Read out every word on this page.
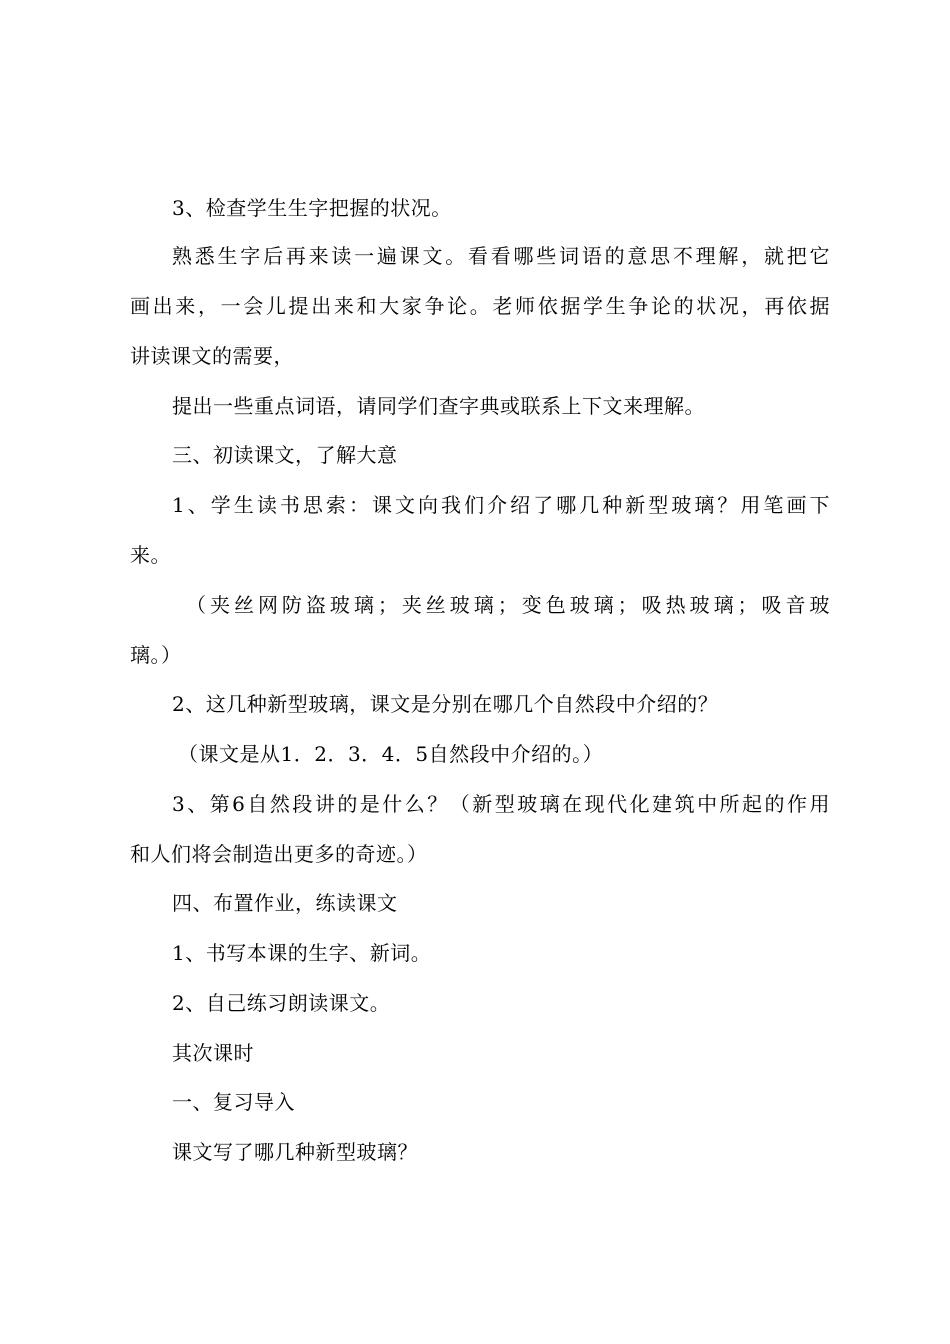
3、检查学生生字把握的状况。
熟悉生字后再来读一遍课文。看看哪些词语的意思不理解，就把它
画出来，一会儿提出来和大家争论。老师依据学生争论的状况，再依据
讲读课文的需要，
提出一些重点词语，请同学们查字典或联系上下文来理解。
三、初读课文，了解大意
1、学生读书思索：课文向我们介绍了哪几种新型玻璃？用笔画下
来。
（夹丝网防盗玻璃；夹丝玻璃；变色玻璃；吸热玻璃；吸音玻
璃。）
2、这几种新型玻璃，课文是分别在哪几个自然段中介绍的？
（课文是从1．2．3．4．5自然段中介绍的。）
3、第6自然段讲的是什么？（新型玻璃在现代化建筑中所起的作用
和人们将会制造出更多的奇迹。）
四、布置作业，练读课文
1、书写本课的生字、新词。
2、自己练习朗读课文。
其次课时
一、复习导入
课文写了哪几种新型玻璃？
